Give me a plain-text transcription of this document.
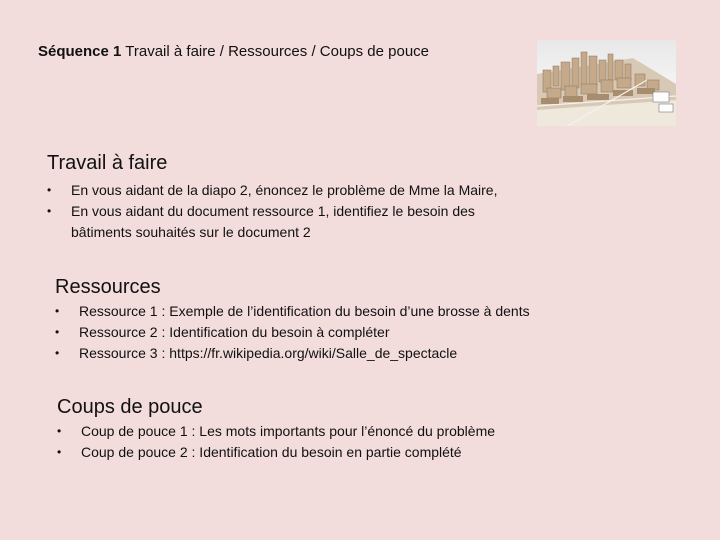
Séquence 1 Travail à faire / Ressources / Coups de pouce
Travail à faire
• En vous aidant de la diapo 2, énoncez le problème de Mme la Maire,
• En vous aidant du document ressource 1, identifiez le besoin des
bâtiments souhaités sur le document 2
Ressources
• Ressource 1 : Exemple de l’identification du besoin d’une brosse à dents
• Ressource 2 : Identification du besoin à compléter
• Ressource 3 : https://fr.wikipedia.org/wiki/Salle_de_spectacle
Coups de pouce
• Coup de pouce 1 : Les mots importants pour l’énoncé du problème
• Coup de pouce 2 : Identification du besoin en partie complété
